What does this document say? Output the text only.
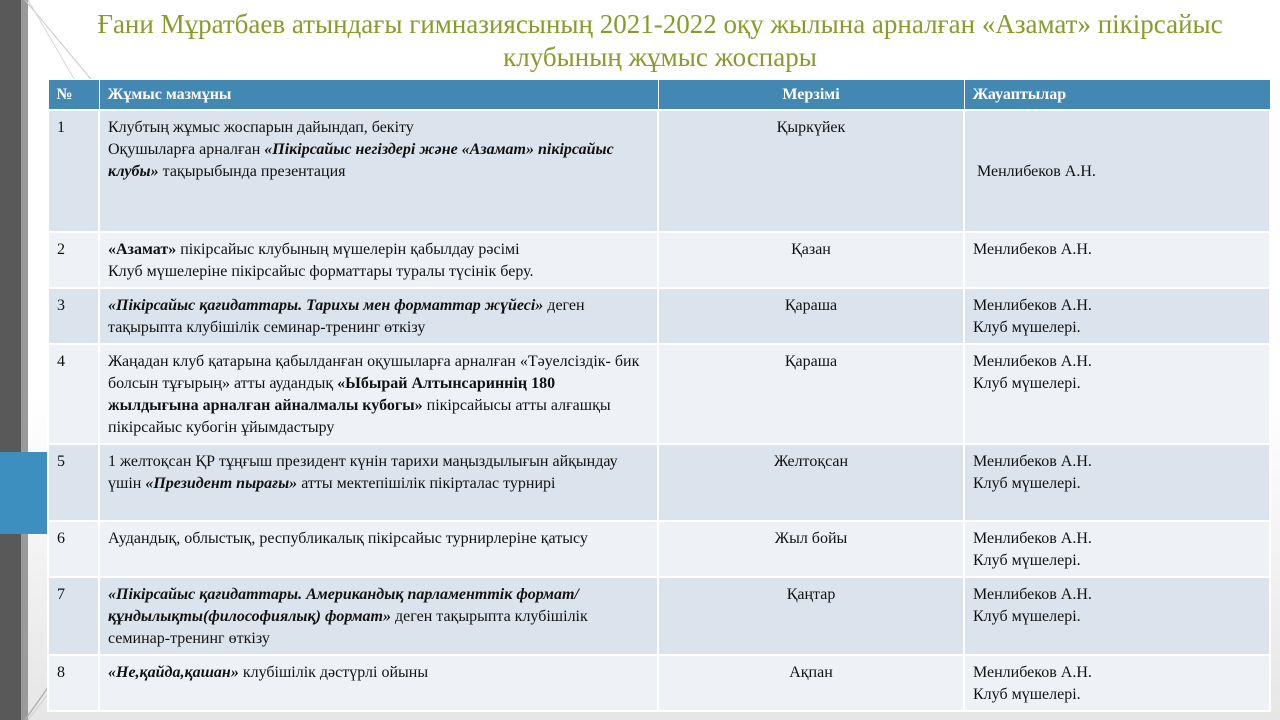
Ғани Мұратбаев атындағы гимназиясының 2021-2022 оқу жылына арналған «Азамат» пікірсайыс
клубының жұмыс жоспары
№	Жұмыс мазмұны	Мерзімі	Жауаптылар
1	Клубтың жұмыс жоспарын дайындап, бекіту
Оқушыларға арналған «Пікірсайыс негіздері және «Азамат» пікірсайыс клубы» тақырыбында презентация	Қыркүйек	Менлибеков А.Н.

2	«Азамат» пікірсайыс клубының мүшелерін қабылдау рәсімі
Клуб мүшелеріне пікірсайыс форматтары туралы түсінік беру.	Қазан	Менлибеков А.Н.

3	«Пікірсайыс қағидаттары. Тарихы мен форматтар жүйесі» деген тақырыпта клубішілік семинар-тренинг өткізу	Қараша	Менлибеков А.Н.
Клуб мүшелері.

4	Жаңадан клуб қатарына қабылданған оқушыларға арналған «Тәуелсіздік- бик болсын тұғырың» атты аудандық «Ыбырай Алтынсариннің 180 жылдығына арналған айналмалы кубогы» пікірсайысы атты алғашқы пікірсайыс кубогін ұйымдастыру	Қараша	Менлибеков А.Н.
Клуб мүшелері.

5	1 желтоқсан ҚР тұңғыш президент күнін тарихи маңыздылығын айқындау үшін «Президент пырағы» атты мектепішілік пікірталас турнирі	Желтоқсан	Менлибеков А.Н.
Клуб мүшелері.

6	Аудандық, облыстық, республикалық пікірсайыс турнирлеріне қатысу	Жыл бойы	Менлибеков А.Н.
Клуб мүшелері.

7	«Пікірсайыс қағидаттары. Американдық парламенттік формат/құндылықты(философиялық) формат» деген тақырыпта клубішілік семинар-тренинг өткізу	Қаңтар	Менлибеков А.Н.
Клуб мүшелері.

8	«Не,қайда,қашан» клубішілік дәстүрлі ойыны	Ақпан	Менлибеков А.Н.
Клуб мүшелері.
